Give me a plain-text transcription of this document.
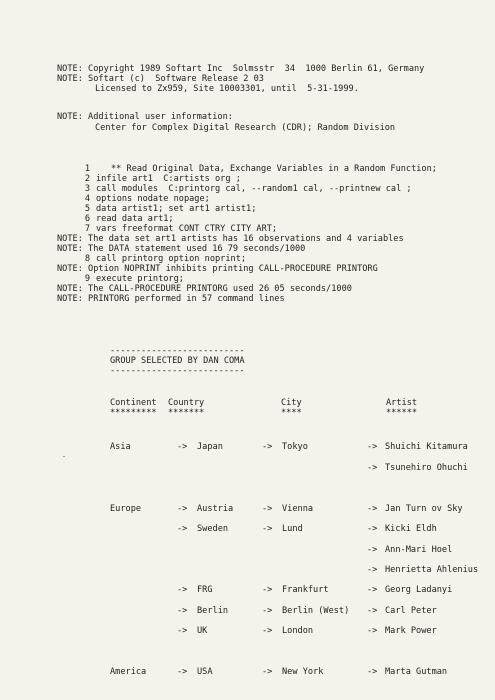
NOTE: Copyright 1989 Softart Inc  Solmsstr  34  1000 Berlin 61, Germany
NOTE: Softart (c)  Software Release 2 03
Licensed to Zx959, Site 10003301, until  5-31-1999.
NOTE: Additional user information:
Center for Complex Digital Research (CDR); Random Division
1 ** Read Original Data, Exchange Variables in a Random Function;
2 infile art1  C:artists org ;
3 call modules  C:printorg cal, --random1 cal, --printnew cal ;
4 options nodate nopage;
5 data artist1; set art1 artist1;
6 read data art1;
7 vars freeformat CONT CTRY CITY ART;
NOTE: The data set art1 artists has 16 observations and 4 variables
NOTE: The DATA statement used 16 79 seconds/1000
8 call printorg option noprint;
NOTE: Option NOPRINT inhibits printing CALL-PROCEDURE PRINTORG
9 execute printorg;
NOTE: The CALL-PROCEDURE PRINTORG used 26 05 seconds/1000
NOTE: PRINTORG performed in 57 command lines
--------------------------
GROUP SELECTED BY DAN COMA
--------------------------
Continent Country	City	Artist
********* *******	****	******
Asia	-> Japan	-> Tokyo	-> Shuichi Kitamura
-> Tsunehiro Ohuchi
Europe	-> Austria	-> Vienna	-> Jan Turn ov Sky
-> Sweden	-> Lund	-> Kicki Eldh
-> Ann-Mari Hoel
-> Henrietta Ahlenius
-> FRG	-> Frankfurt	-> Georg Ladanyi
-> Berlin	-> Berlin (West) -> Carl Peter
-> UK	-> London	-> Mark Power
America	-> USA	-> New York	-> Marta Gutman
